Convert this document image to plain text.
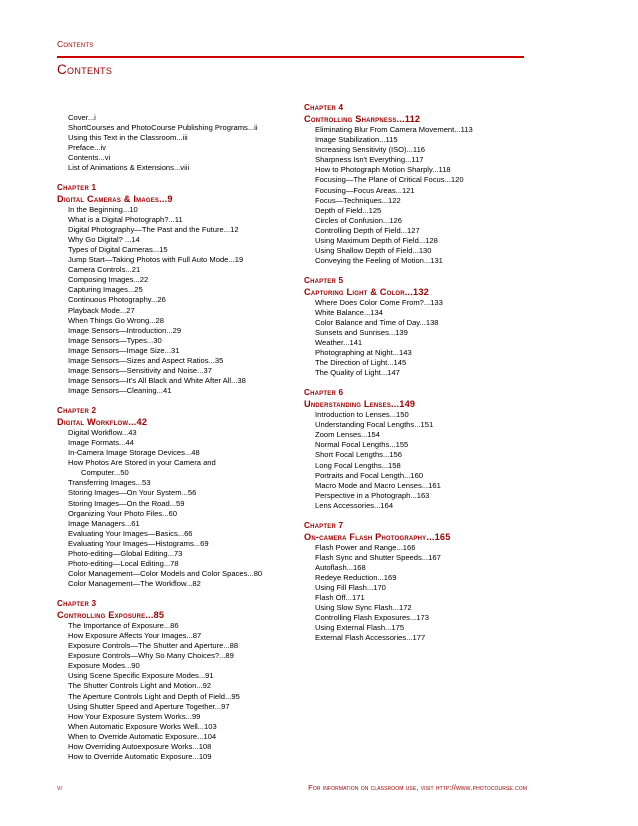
Contents
Contents
Cover...i
ShortCourses and PhotoCourse Publishing Programs...ii
Using this Text in the Classroom...iii
Preface...iv
Contents...vi
List of Animations & Extensions...viii
Chapter 1
Digital Cameras & Images...9
In the Beginning...10
What is a Digital Photograph?...11
Digital Photography—The Past and the Future...12
Why Go Digital? ...14
Types of Digital Cameras...15
Jump Start—Taking Photos with Full Auto Mode...19
Camera Controls...21
Composing Images...22
Capturing Images...25
Continuous Photography...26
Playback Mode...27
When Things Go Wrong...28
Image Sensors—Introduction...29
Image Sensors—Types...30
Image Sensors—Image Size...31
Image Sensors—Sizes and Aspect Ratios...35
Image Sensors—Sensitivity and Noise...37
Image Sensors—It's All Black and White After All...38
Image Sensors—Cleaning...41
Chapter 2
Digital Workflow...42
Digital Workflow...43
Image Formats...44
In-Camera Image Storage Devices...48
How Photos Are Stored in your Camera and
Computer...50
Transferring Images...53
Storing Images—On Your System...56
Storing Images—On the Road...59
Organizing Your Photo Files...60
Image Managers...61
Evaluating Your Images—Basics...66
Evaluating Your Images—Histograms...69
Photo-editing—Global Editing...73
Photo-editing—Local Editing...78
Color Management—Color Models and Color Spaces...80
Color Management—The Workflow...82
Chapter 3
Controlling Exposure...85
The Importance of Exposure...86
How Exposure Affects Your Images...87
Exposure Controls—The Shutter and Aperture...88
Exposure Controls—Why So Many Choices?...89
Exposure Modes...90
Using Scene Specific Exposure Modes...91
The Shutter Controls Light and Motion...92
The Aperture Controls Light and Depth of Field...95
Using Shutter Speed and Aperture Together...97
How Your Exposure System Works...99
When Automatic Exposure Works Well...103
When to Override Automatic Exposure...104
How Overriding Autoexposure Works...108
How to Override Automatic Exposure...109
Chapter 4
Controlling Sharpness...112
Eliminating Blur From Camera Movement...113
Image Stabilization...115
Increasing Sensitivity (ISO)...116
Sharpness Isn't Everything...117
How to Photograph Motion Sharply...118
Focusing—The Plane of Critical Focus...120
Focusing—Focus Areas...121
Focus—Techniques...122
Depth of Field...125
Circles of Confusion...126
Controlling Depth of Field...127
Using Maximum Depth of Field...128
Using Shallow Depth of Field...130
Conveying the Feeling of Motion...131
Chapter 5
Capturing Light & Color...132
Where Does Color Come From?...133
White Balance...134
Color Balance and Time of Day...138
Sunsets and Sunrises...139
Weather...141
Photographing at Night...143
The Direction of Light...145
The Quality of Light...147
Chapter 6
Understanding Lenses...149
Introduction to Lenses...150
Understanding Focal Lengths...151
Zoom Lenses...154
Normal Focal Lengths...155
Short Focal Lengths...156
Long Focal Lengths...158
Portraits and Focal Length...160
Macro Mode and Macro Lenses...161
Perspective in a Photograph...163
Lens Accessories...164
Chapter 7
On-camera Flash Photography...165
Flash Power and Range...166
Flash Sync and Shutter Speeds...167
Autoflash...168
Redeye Reduction...169
Using Fill Flash...170
Flash Off...171
Using Slow Sync Flash...172
Controlling Flash Exposures...173
Using External Flash...175
External Flash Accessories...177
vi	For information on classroom use, visit http://www.photocourse.com
